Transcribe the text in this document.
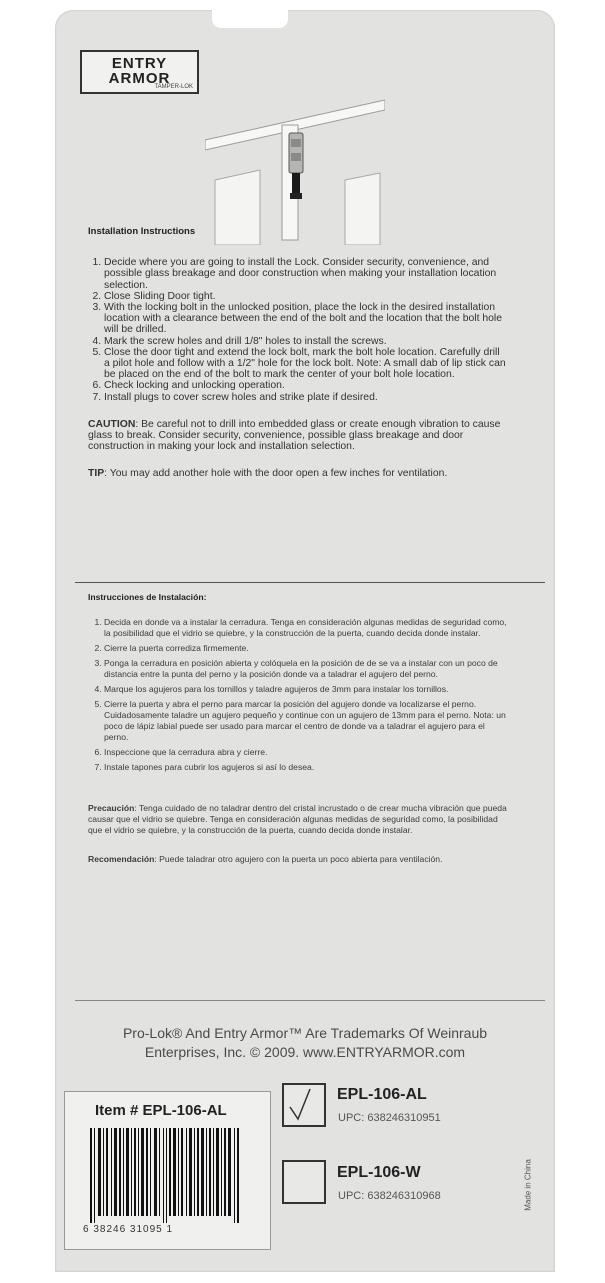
ENTRY
ARMOR
TAMPER-LOK
Installation Instructions
1. Decide where you are going to install the Lock. Consider security, convenience, and possible glass breakage and door construction when making your installation location selection.
2. Close Sliding Door tight.
3. With the locking bolt in the unlocked position, place the lock in the desired installation location with a clearance between the end of the bolt and the location that the bolt hole will be drilled.
4. Mark the screw holes and drill 1/8" holes to install the screws.
5. Close the door tight and extend the lock bolt, mark the bolt hole location. Carefully drill a pilot hole and follow with a 1/2" hole for the lock bolt. Note: A small dab of lip stick can be placed on the end of the bolt to mark the center of your bolt hole location.
6. Check locking and unlocking operation.
7. Install plugs to cover screw holes and strike plate if desired.

CAUTION: Be careful not to drill into embedded glass or create enough vibration to cause glass to break. Consider security, convenience, possible glass breakage and door construction in making your lock and installation selection.

TIP: You may add another hole with the door open a few inches for ventilation.

Instrucciones de Instalación:
1. Decida en donde va a instalar la cerradura. Tenga en consideración algunas medidas de seguridad como, la posibilidad que el vidrio se quiebre, y la construcción de la puerta, cuando decida donde instalar.
2. Cierre la puerta corrediza firmemente.
3. Ponga la cerradura en posición abierta y colóquela en la posición de de se va a instalar con un poco de distancia entre la punta del perno y la posición donde va a taladrar el agujero del perno.
4. Marque los agujeros para los tornillos y taladre agujeros de 3mm para instalar los tornillos.
5. Cierre la puerta y abra el perno para marcar la posición del agujero donde va localizarse el perno. Cuidadosamente taladre un agujero pequeño y continue con un agujero de 13mm para el perno. Nota: un poco de lápiz labial puede ser usado para marcar el centro de donde va a taladrar el agujero para el perno.
6. Inspeccione que la cerradura abra y cierre.
7. Instale tapones para cubrir los agujeros si así lo desea.

Precaución: Tenga cuidado de no taladrar dentro del cristal incrustado o de crear mucha vibración que pueda causar que el vidrio se quiebre. Tenga en consideración algunas medidas de seguridad como, la posibilidad que el vidrio se quiebre, y la construcción de la puerta, cuando decida donde instalar.

Recomendación: Puede taladrar otro agujero con la puerta un poco abierta para ventilación.

Pro-Lok® And Entry Armor™ Are Trademarks Of Weinraub
Enterprises, Inc. © 2009. www.ENTRYARMOR.com
Item # EPL-106-AL
6 38246 31095 1
EPL-106-AL
UPC: 638246310951
EPL-106-W
UPC: 638246310968	Made in China
